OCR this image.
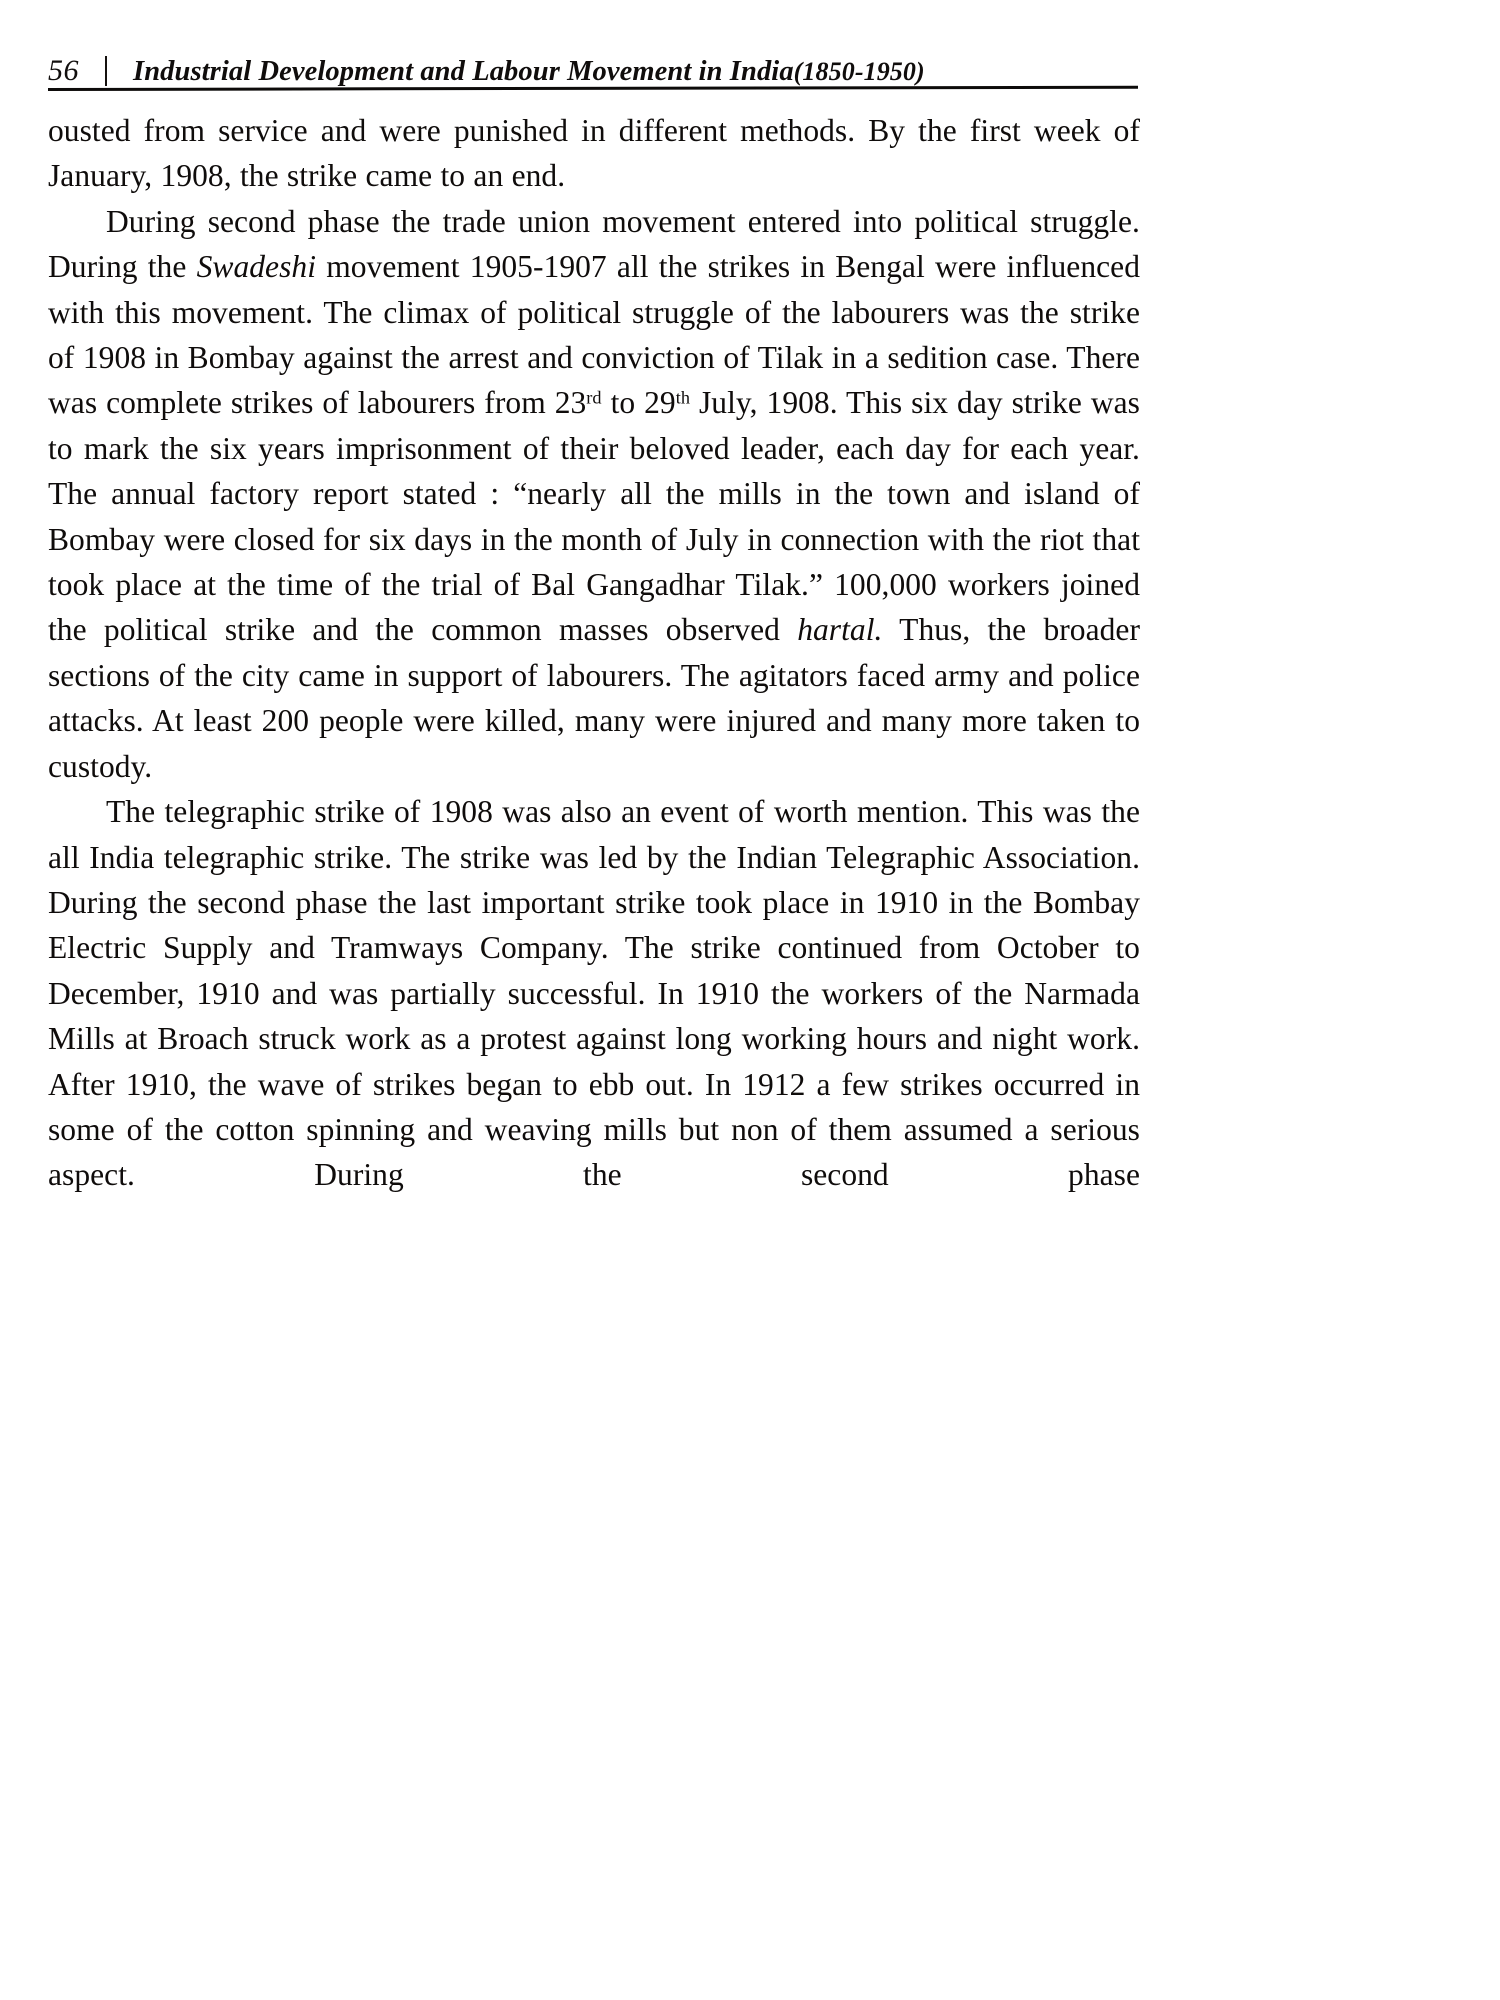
56 Industrial Development and Labour Movement in India(1850-1950)

ousted from service and were punished in different methods. By the first week of January, 1908, the strike came to an end.

During second phase the trade union movement entered into political struggle. During the Swadeshi movement 1905-1907 all the strikes in Bengal were influenced with this movement. The climax of political struggle of the labourers was the strike of 1908 in Bombay against the arrest and conviction of Tilak in a sedition case. There was complete strikes of labourers from 23rd to 29th July, 1908. This six day strike was to mark the six years imprisonment of their beloved leader, each day for each year. The annual factory report stated : “nearly all the mills in the town and island of Bombay were closed for six days in the month of July in connection with the riot that took place at the time of the trial of Bal Gangadhar Tilak.” 100,000 workers joined the political strike and the common masses observed hartal. Thus, the broader sections of the city came in support of labourers. The agitators faced army and police attacks. At least 200 people were killed, many were injured and many more taken to custody.

The telegraphic strike of 1908 was also an event of worth mention. This was the all India telegraphic strike. The strike was led by the Indian Telegraphic Association. During the second phase the last important strike took place in 1910 in the Bombay Electric Supply and Tramways Company. The strike continued from October to December, 1910 and was partially successful. In 1910 the workers of the Narmada Mills at Broach struck work as a protest against long working hours and night work. After 1910, the wave of strikes began to ebb out. In 1912 a few strikes occurred in some of the cotton spinning and weaving mills but non of them assumed a serious aspect. During the second phase
